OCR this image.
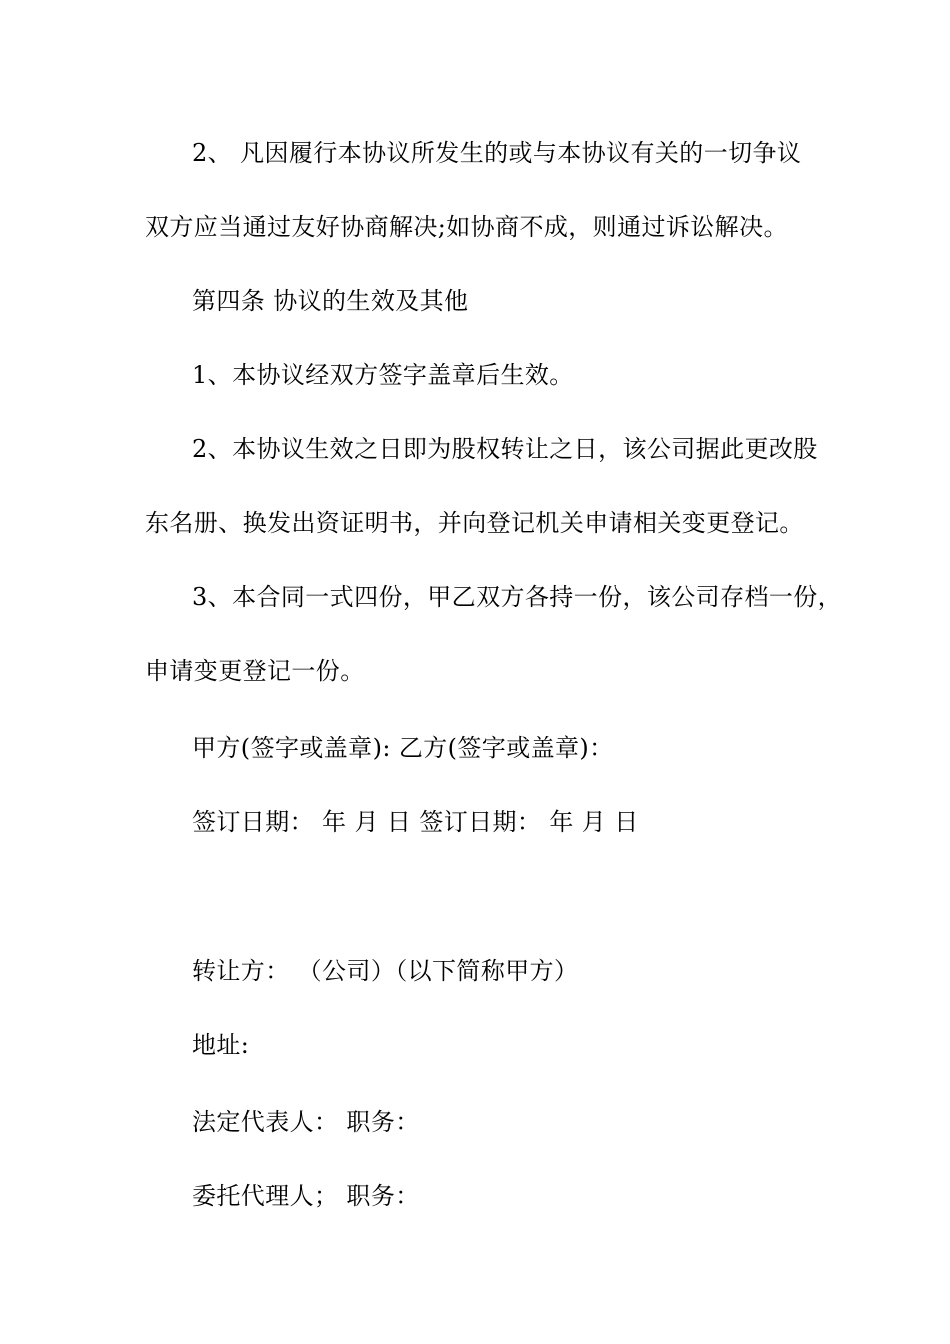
2、 凡因履行本协议所发生的或与本协议有关的一切争议
双方应当通过友好协商解决;如协商不成，则通过诉讼解决。
第四条 协议的生效及其他
1、本协议经双方签字盖章后生效。
2、本协议生效之日即为股权转让之日，该公司据此更改股
东名册、换发出资证明书，并向登记机关申请相关变更登记。
3、本合同一式四份，甲乙双方各持一份，该公司存档一份，
申请变更登记一份。
甲方(签字或盖章): 乙方(签字或盖章)：
签订日期： 年 月 日 签订日期： 年 月 日
转让方： （公司）（以下简称甲方）
地址:
法定代表人： 职务：
委托代理人； 职务：
